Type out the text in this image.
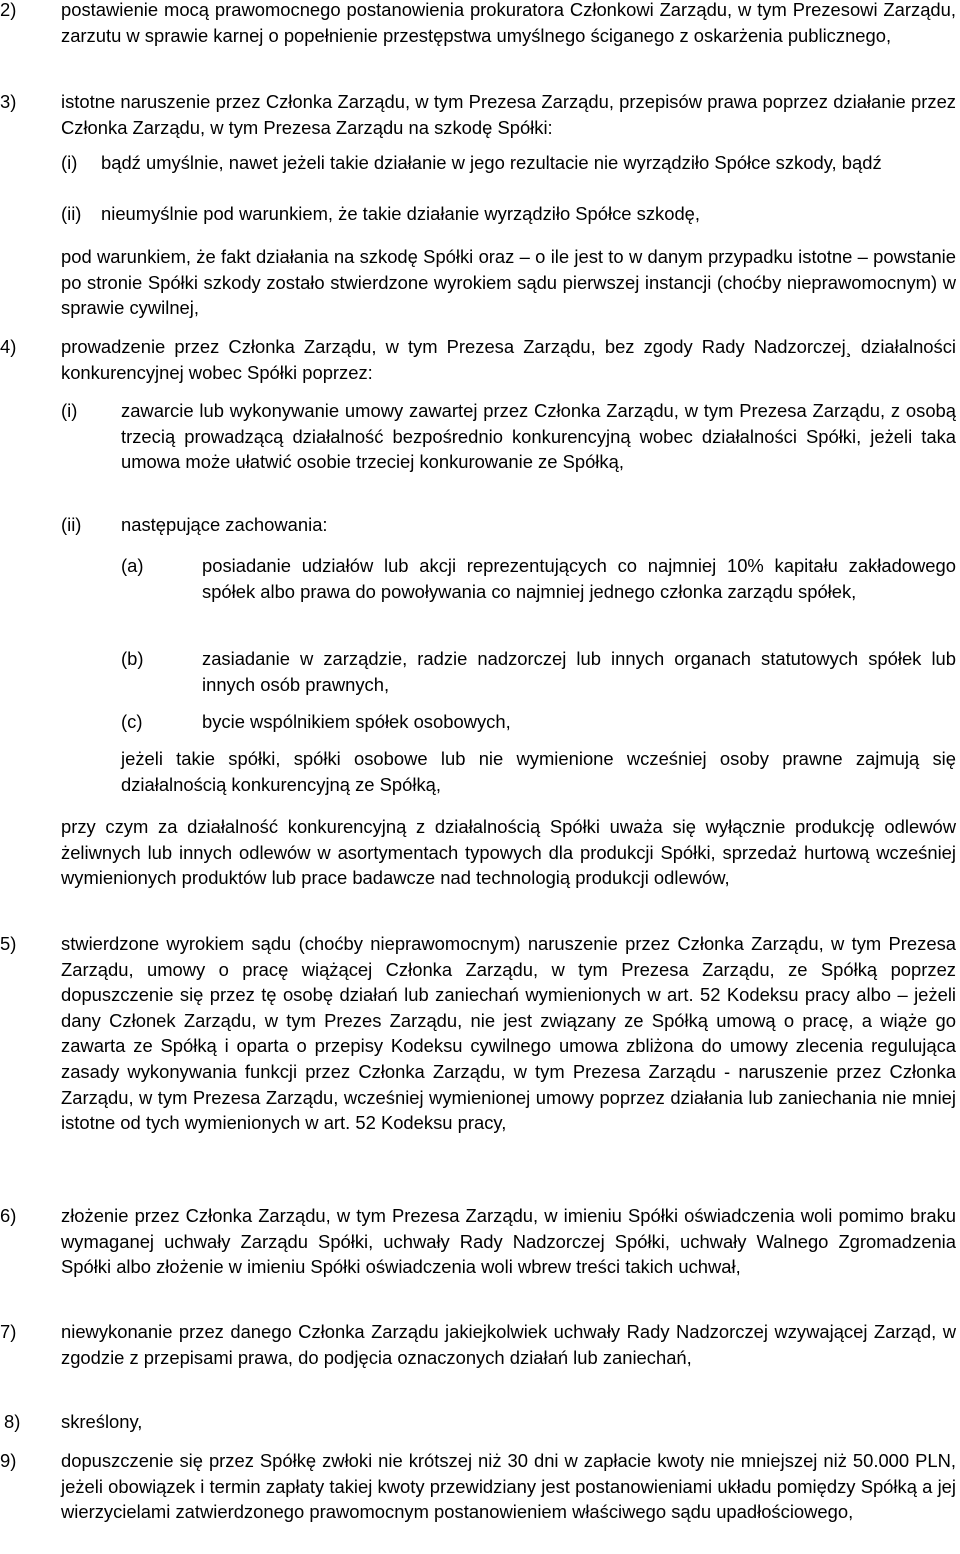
2) postawienie mocą prawomocnego postanowienia prokuratora Członkowi Zarządu, w tym Prezesowi Zarządu, zarzutu w sprawie karnej o popełnienie przestępstwa umyślnego ściganego z oskarżenia publicznego,
3) istotne naruszenie przez Członka Zarządu, w tym Prezesa Zarządu, przepisów prawa poprzez działanie przez Członka Zarządu, w tym Prezesa Zarządu na szkodę Spółki:
(i) bądź umyślnie, nawet jeżeli takie działanie w jego rezultacie nie wyrządziło Spółce szkody, bądź
(ii) nieumyślnie pod warunkiem, że takie działanie wyrządziło Spółce szkodę,
pod warunkiem, że fakt działania na szkodę Spółki oraz – o ile jest to w danym przypadku istotne – powstanie po stronie Spółki szkody zostało stwierdzone wyrokiem sądu pierwszej instancji (choćby nieprawomocnym) w sprawie cywilnej,
4) prowadzenie przez Członka Zarządu, w tym Prezesa Zarządu, bez zgody Rady Nadzorczej¸ działalności konkurencyjnej wobec Spółki poprzez:
(i) zawarcie lub wykonywanie umowy zawartej przez Członka Zarządu, w tym Prezesa Zarządu, z osobą trzecią prowadzącą działalność bezpośrednio konkurencyjną wobec działalności Spółki, jeżeli taka umowa może ułatwić osobie trzeciej konkurowanie ze Spółką,
(ii) następujące zachowania:
(a)	posiadanie udziałów lub akcji reprezentujących co najmniej 10% kapitału zakładowego spółek albo prawa do powoływania co najmniej jednego członka zarządu spółek,
(b)	zasiadanie w zarządzie, radzie nadzorczej lub innych organach statutowych spółek lub innych osób prawnych,
(c)	bycie wspólnikiem spółek osobowych,
jeżeli takie spółki, spółki osobowe lub nie wymienione wcześniej osoby prawne zajmują się działalnością konkurencyjną ze Spółką,
przy czym za działalność konkurencyjną z działalnością Spółki uważa się wyłącznie produkcję odlewów żeliwnych lub innych odlewów w asortymentach typowych dla produkcji Spółki, sprzedaż hurtową wcześniej wymienionych produktów lub prace badawcze nad technologią produkcji odlewów,
5) stwierdzone wyrokiem sądu (choćby nieprawomocnym) naruszenie przez Członka Zarządu, w tym Prezesa Zarządu, umowy o pracę wiążącej Członka Zarządu, w tym Prezesa Zarządu, ze Spółką poprzez dopuszczenie się przez tę osobę działań lub zaniechań wymienionych w art. 52 Kodeksu pracy albo – jeżeli dany Członek Zarządu, w tym Prezes Zarządu, nie jest związany ze Spółką umową o pracę, a wiąże go zawarta ze Spółką i oparta o przepisy Kodeksu cywilnego umowa zbliżona do umowy zlecenia regulująca zasady wykonywania funkcji przez Członka Zarządu, w tym Prezesa Zarządu - naruszenie przez Członka Zarządu, w tym Prezesa Zarządu, wcześniej wymienionej umowy poprzez działania lub zaniechania nie mniej istotne od tych wymienionych w art. 52 Kodeksu pracy,
6) złożenie przez Członka Zarządu, w tym Prezesa Zarządu, w imieniu Spółki oświadczenia woli pomimo braku wymaganej uchwały Zarządu Spółki, uchwały Rady Nadzorczej Spółki, uchwały Walnego Zgromadzenia Spółki albo złożenie w imieniu Spółki oświadczenia woli wbrew treści takich uchwał,
7) niewykonanie przez danego Członka Zarządu jakiejkolwiek uchwały Rady Nadzorczej wzywającej Zarząd, w zgodzie z przepisami prawa, do podjęcia oznaczonych działań lub zaniechań,
8) skreślony,
9) dopuszczenie się przez Spółkę zwłoki nie krótszej niż 30 dni w zapłacie kwoty nie mniejszej niż 50.000 PLN, jeżeli obowiązek i termin zapłaty takiej kwoty przewidziany jest postanowieniami układu pomiędzy Spółką a jej wierzycielami zatwierdzonego prawomocnym postanowieniem właściwego sądu upadłościowego,
